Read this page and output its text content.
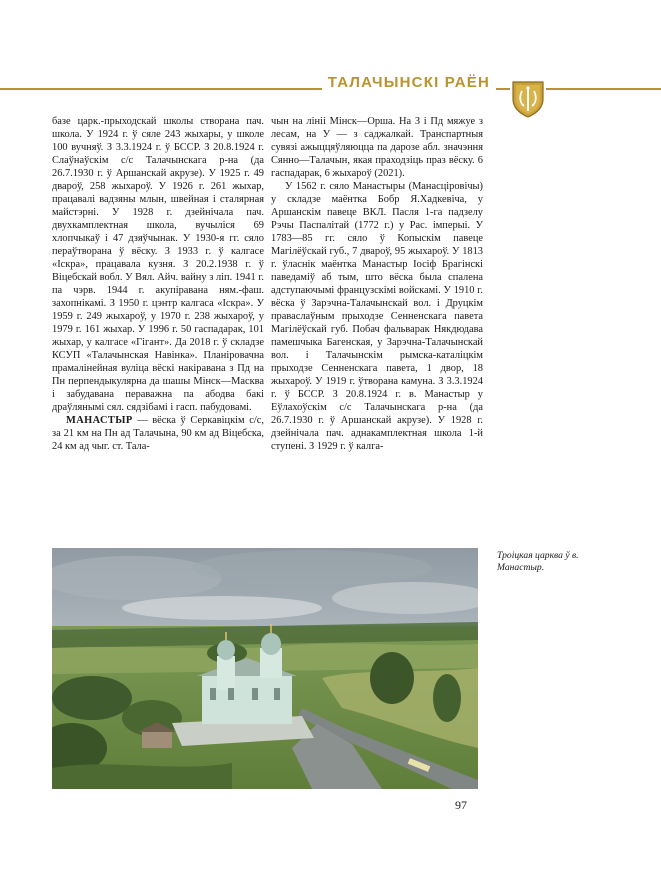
ТАЛАЧЫНСКІ РАЁН

базе царк.-прыходскай школы створана пач. школа. У 1924 г. ў сяле 243 жыхары, у школе 100 вучняў. З 3.3.1924 г. ў БССР. З 20.8.1924 г. Слаўнаўскім с/с Талачынскага р-на (да 26.7.1930 г. ў Аршанскай акрузе). У 1925 г. 49 двароў, 258 жыхароў. У 1926 г. 261 жыхар, працавалі вадзяны млын, швейная і сталярная майстэрні. У 1928 г. дзейнічала пач. двухкамплектная школа, вучылiся 69 хлопчыкаў і 47 дзяўчынак. У 1930-я гг. сяло пераўтворана ў вёску. З 1933 г. ў калгасе «Іскра», працавала кузня. З 20.2.1938 г. ў Віцебскай вобл. У Вял. Айч. вайну з ліп. 1941 г. па чэрв. 1944 г. акупіравана ням.-фаш. захопнікамі. З 1950 г. цэнтр калгаса «Іскра». У 1959 г. 249 жыхароў, у 1970 г. 238 жыхароў, у 1979 г. 161 жыхар. У 1996 г. 50 гаспадарак, 101 жыхар, у калгасе «Гігант». Да 2018 г. ў складзе КСУП «Талачынская Навінка». Планіровачна прамалінейная вуліца вёскі накіравана з Пд на Пн перпендыкулярна да шашы Мінск—Масква і забудавана пераважна па абодва бакі драўлянымі сял. сядзібамі і гасп. пабудовамі.

МАНАСТЫР — вёска ў Серкавіцкім с/с, за 21 км на Пн ад Талачына, 90 км ад Віцебска, 24 км ад чыг. ст. Тала-

чын на лініі Мінск—Орша. На З і Пд мяжуе з лесам, на У — з саджалкай. Транспартныя сувязі ажыццяўляюцца па дарозе абл. значэння Сянно—Талачын, якая праходзіць праз вёску. 6 гаспадарак, 6 жыхароў (2021).

У 1562 г. сяло Манастыры (Манасціровічы) у складзе маёнтка Бобр Я.Хадкевіча, у Аршанскім павеце ВКЛ. Пасля 1-га падзелу Рэчы Паспалітай (1772 г.) у Рас. імперыі. У 1783—85 гг. сяло ў Копыскім павеце Магілёўскай губ., 7 двароў, 95 жыхароў. У 1813 г. ўласнік маёнтка Манастыр Іосіф Брагінскі паведаміў аб тым, што вёска была спалена адступаючымі французскімі войскамі. У 1910 г. вёска ў Зарэчна-Талачынскай вол. і Друцкім праваслаўным прыходзе Сенненскага павета Магілёўскай губ. Побач фальварак Някдюдава памешчыка Багенская, у Зарэчна-Талачынскай вол. і Талачынскім рымска-каталіцкім прыходзе Сенненскага павета, 1 двор, 18 жыхароў. У 1919 г. ўтворана камуна. З 3.3.1924 г. ў БССР. З 20.8.1924 г. в. Манастыр у Еўлахоўскім с/с Талачынскага р-на (да 26.7.1930 г. ў Аршанскай акрузе). У 1928 г. дзейнічала пач. аднакамплектная школа 1-й ступені. З 1929 г. ў калга-

Троіцкая царква ў в. Манастыр.
97
